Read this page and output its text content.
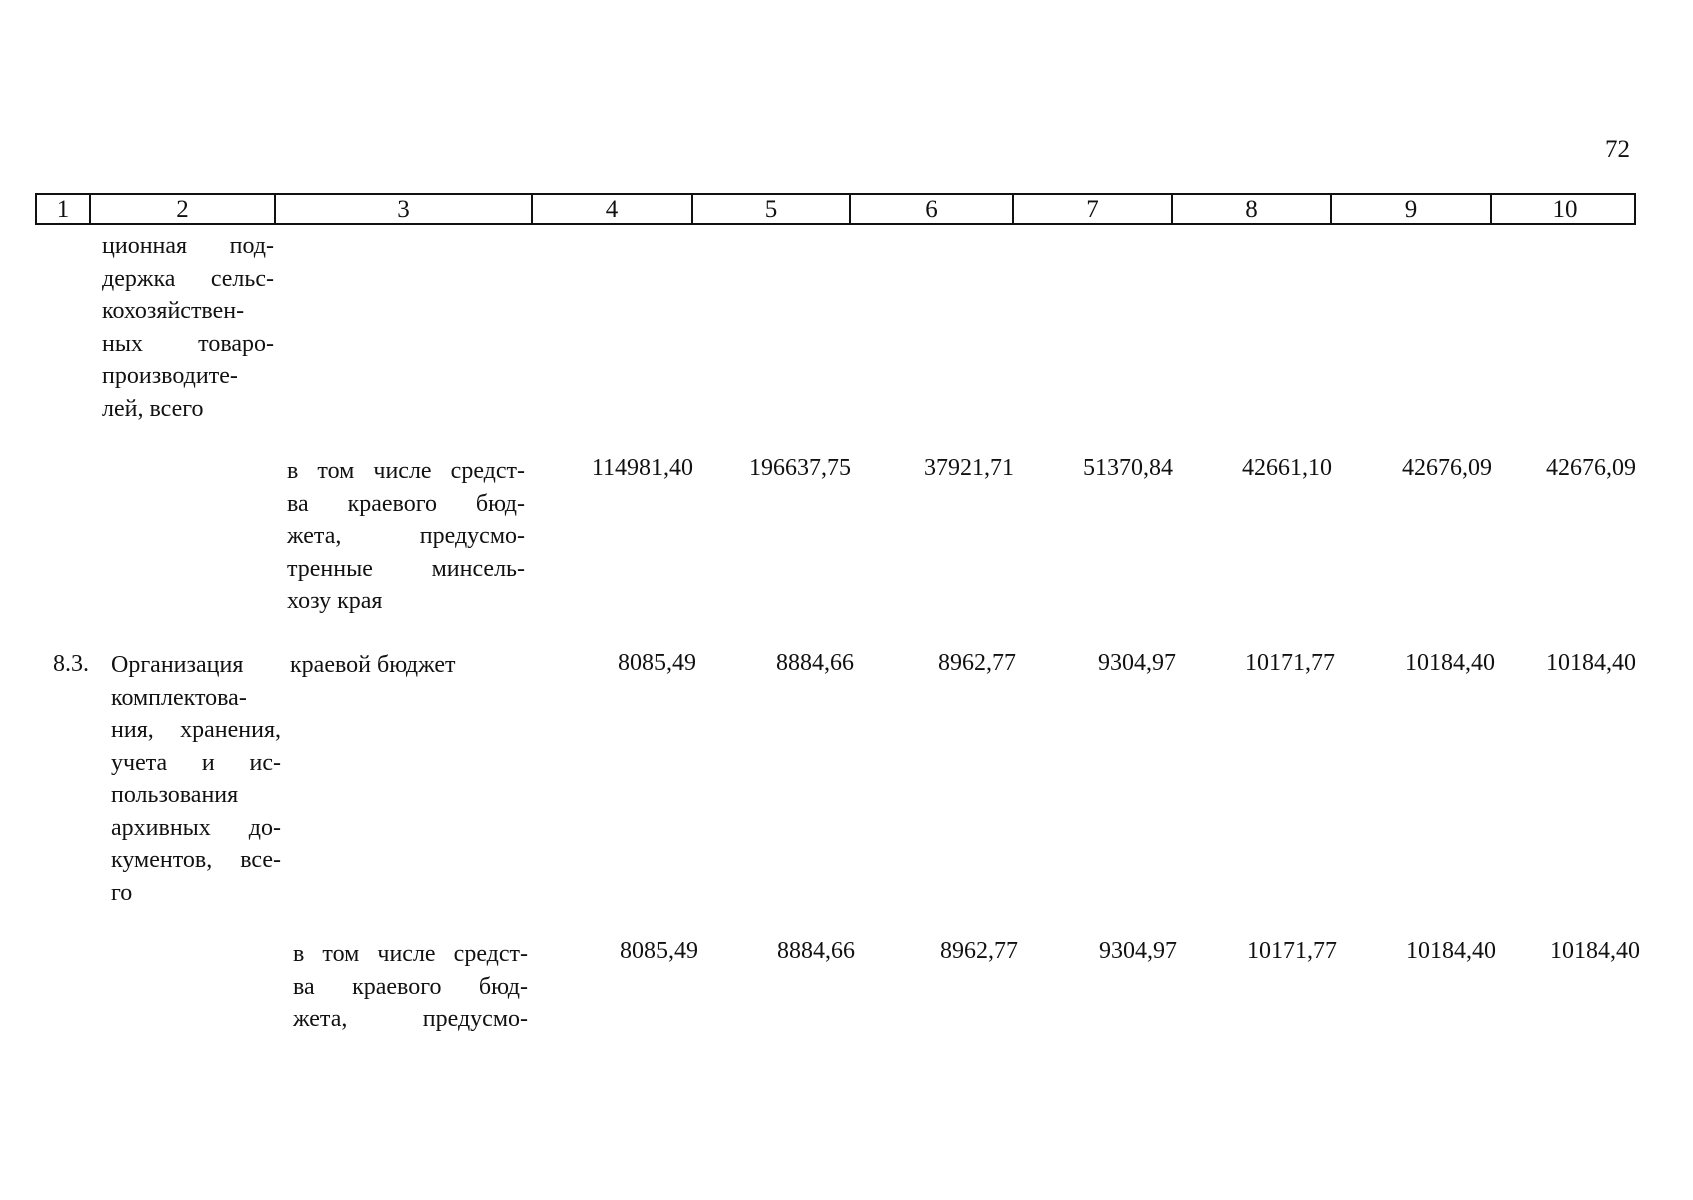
72
1	2	3	4	5	6	7	8	9	10
ционная под-
держка сельс-
кохозяйствен-
ных товаро-
производите-
лей, всего
в том числе средст-
ва краевого бюд-
жета, предусмо-
тренные минсель-
хозу края
114981,40 196637,75	37921,71	51370,84	42661,10	42676,09 42676,09
8.3. Организация
комплектова-
ния, хранения,
учета и ис-
пользования
архивных до-
кументов, все-
го
краевой бюджет	8085,49	8884,66	8962,77	9304,97	10171,77	10184,40 10184,40
в том числе средст-
ва краевого бюд-
жета, предусмо-
8085,49	8884,66	8962,77	9304,97	10171,77	10184,40 10184,40
